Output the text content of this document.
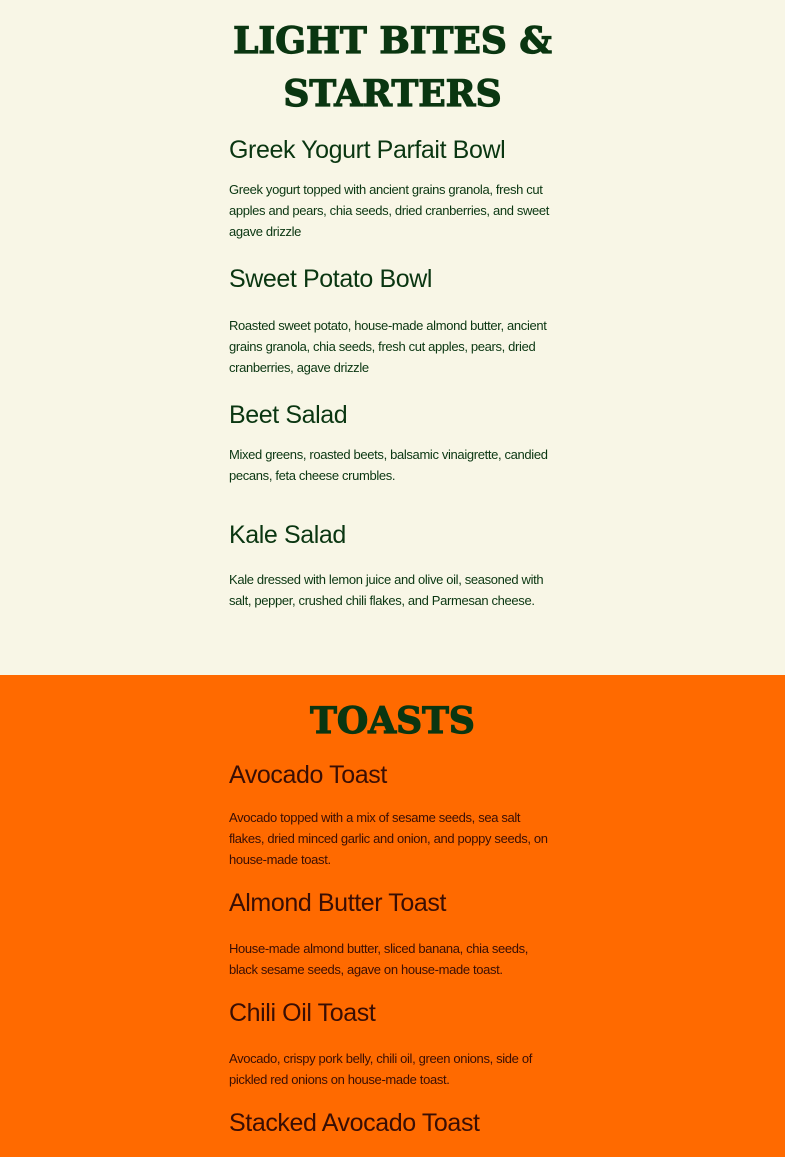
LIGHT BITES &
STARTERS
Greek Yogurt Parfait Bowl

Greek yogurt topped with ancient grains granola, fresh cut apples and pears, chia seeds, dried cranberries, and sweet agave drizzle

Sweet Potato Bowl

Roasted sweet potato, house-made almond butter, ancient grains granola, chia seeds, fresh cut apples, pears, dried cranberries, agave drizzle

Beet Salad

Mixed greens, roasted beets, balsamic vinaigrette, candied pecans, feta cheese crumbles.

Kale Salad

Kale dressed with lemon juice and olive oil, seasoned with salt, pepper, crushed chili flakes, and Parmesan cheese.

TOASTS
Avocado Toast

Avocado topped with a mix of sesame seeds, sea salt flakes, dried minced garlic and onion, and poppy seeds, on house-made toast.

Almond Butter Toast

House-made almond butter, sliced banana, chia seeds, black sesame seeds, agave on house-made toast.

Chili Oil Toast

Avocado, crispy pork belly, chili oil, green onions, side of pickled red onions on house-made toast.

Stacked Avocado Toast
